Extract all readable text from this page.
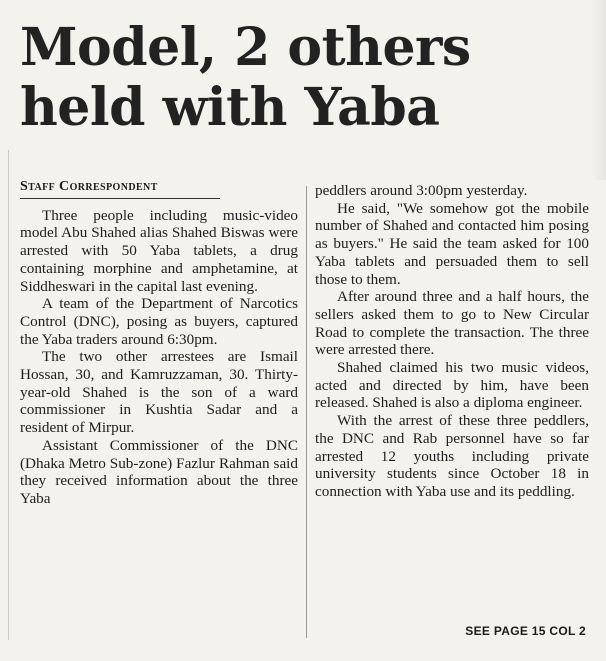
Model, 2 others
held with Yaba
Staff Correspondent

Three people including music-video model Abu Shahed alias Shahed Biswas were arrested with 50 Yaba tablets, a drug containing morphine and amphetamine, at Siddheswari in the capital last evening.

A team of the Department of Narcotics Control (DNC), posing as buyers, captured the Yaba traders around 6:30pm.

The two other arrestees are Ismail Hossan, 30, and Kamruzzaman, 30. Thirty-year-old Shahed is the son of a ward commissioner in Kushtia Sadar and a resident of Mirpur.

Assistant Commissioner of the DNC (Dhaka Metro Sub-zone) Fazlur Rahman said they received information about the three Yaba

peddlers around 3:00pm yesterday.

He said, "We somehow got the mobile number of Shahed and contacted him posing as buyers." He said the team asked for 100 Yaba tablets and persuaded them to sell those to them.

After around three and a half hours, the sellers asked them to go to New Circular Road to complete the transaction. The three were arrested there.

Shahed claimed his two music videos, acted and directed by him, have been released. Shahed is also a diploma engineer.

With the arrest of these three peddlers, the DNC and Rab personnel have so far arrested 12 youths including private university students since October 18 in connection with Yaba use and its peddling.

SEE PAGE 15 COL 2
